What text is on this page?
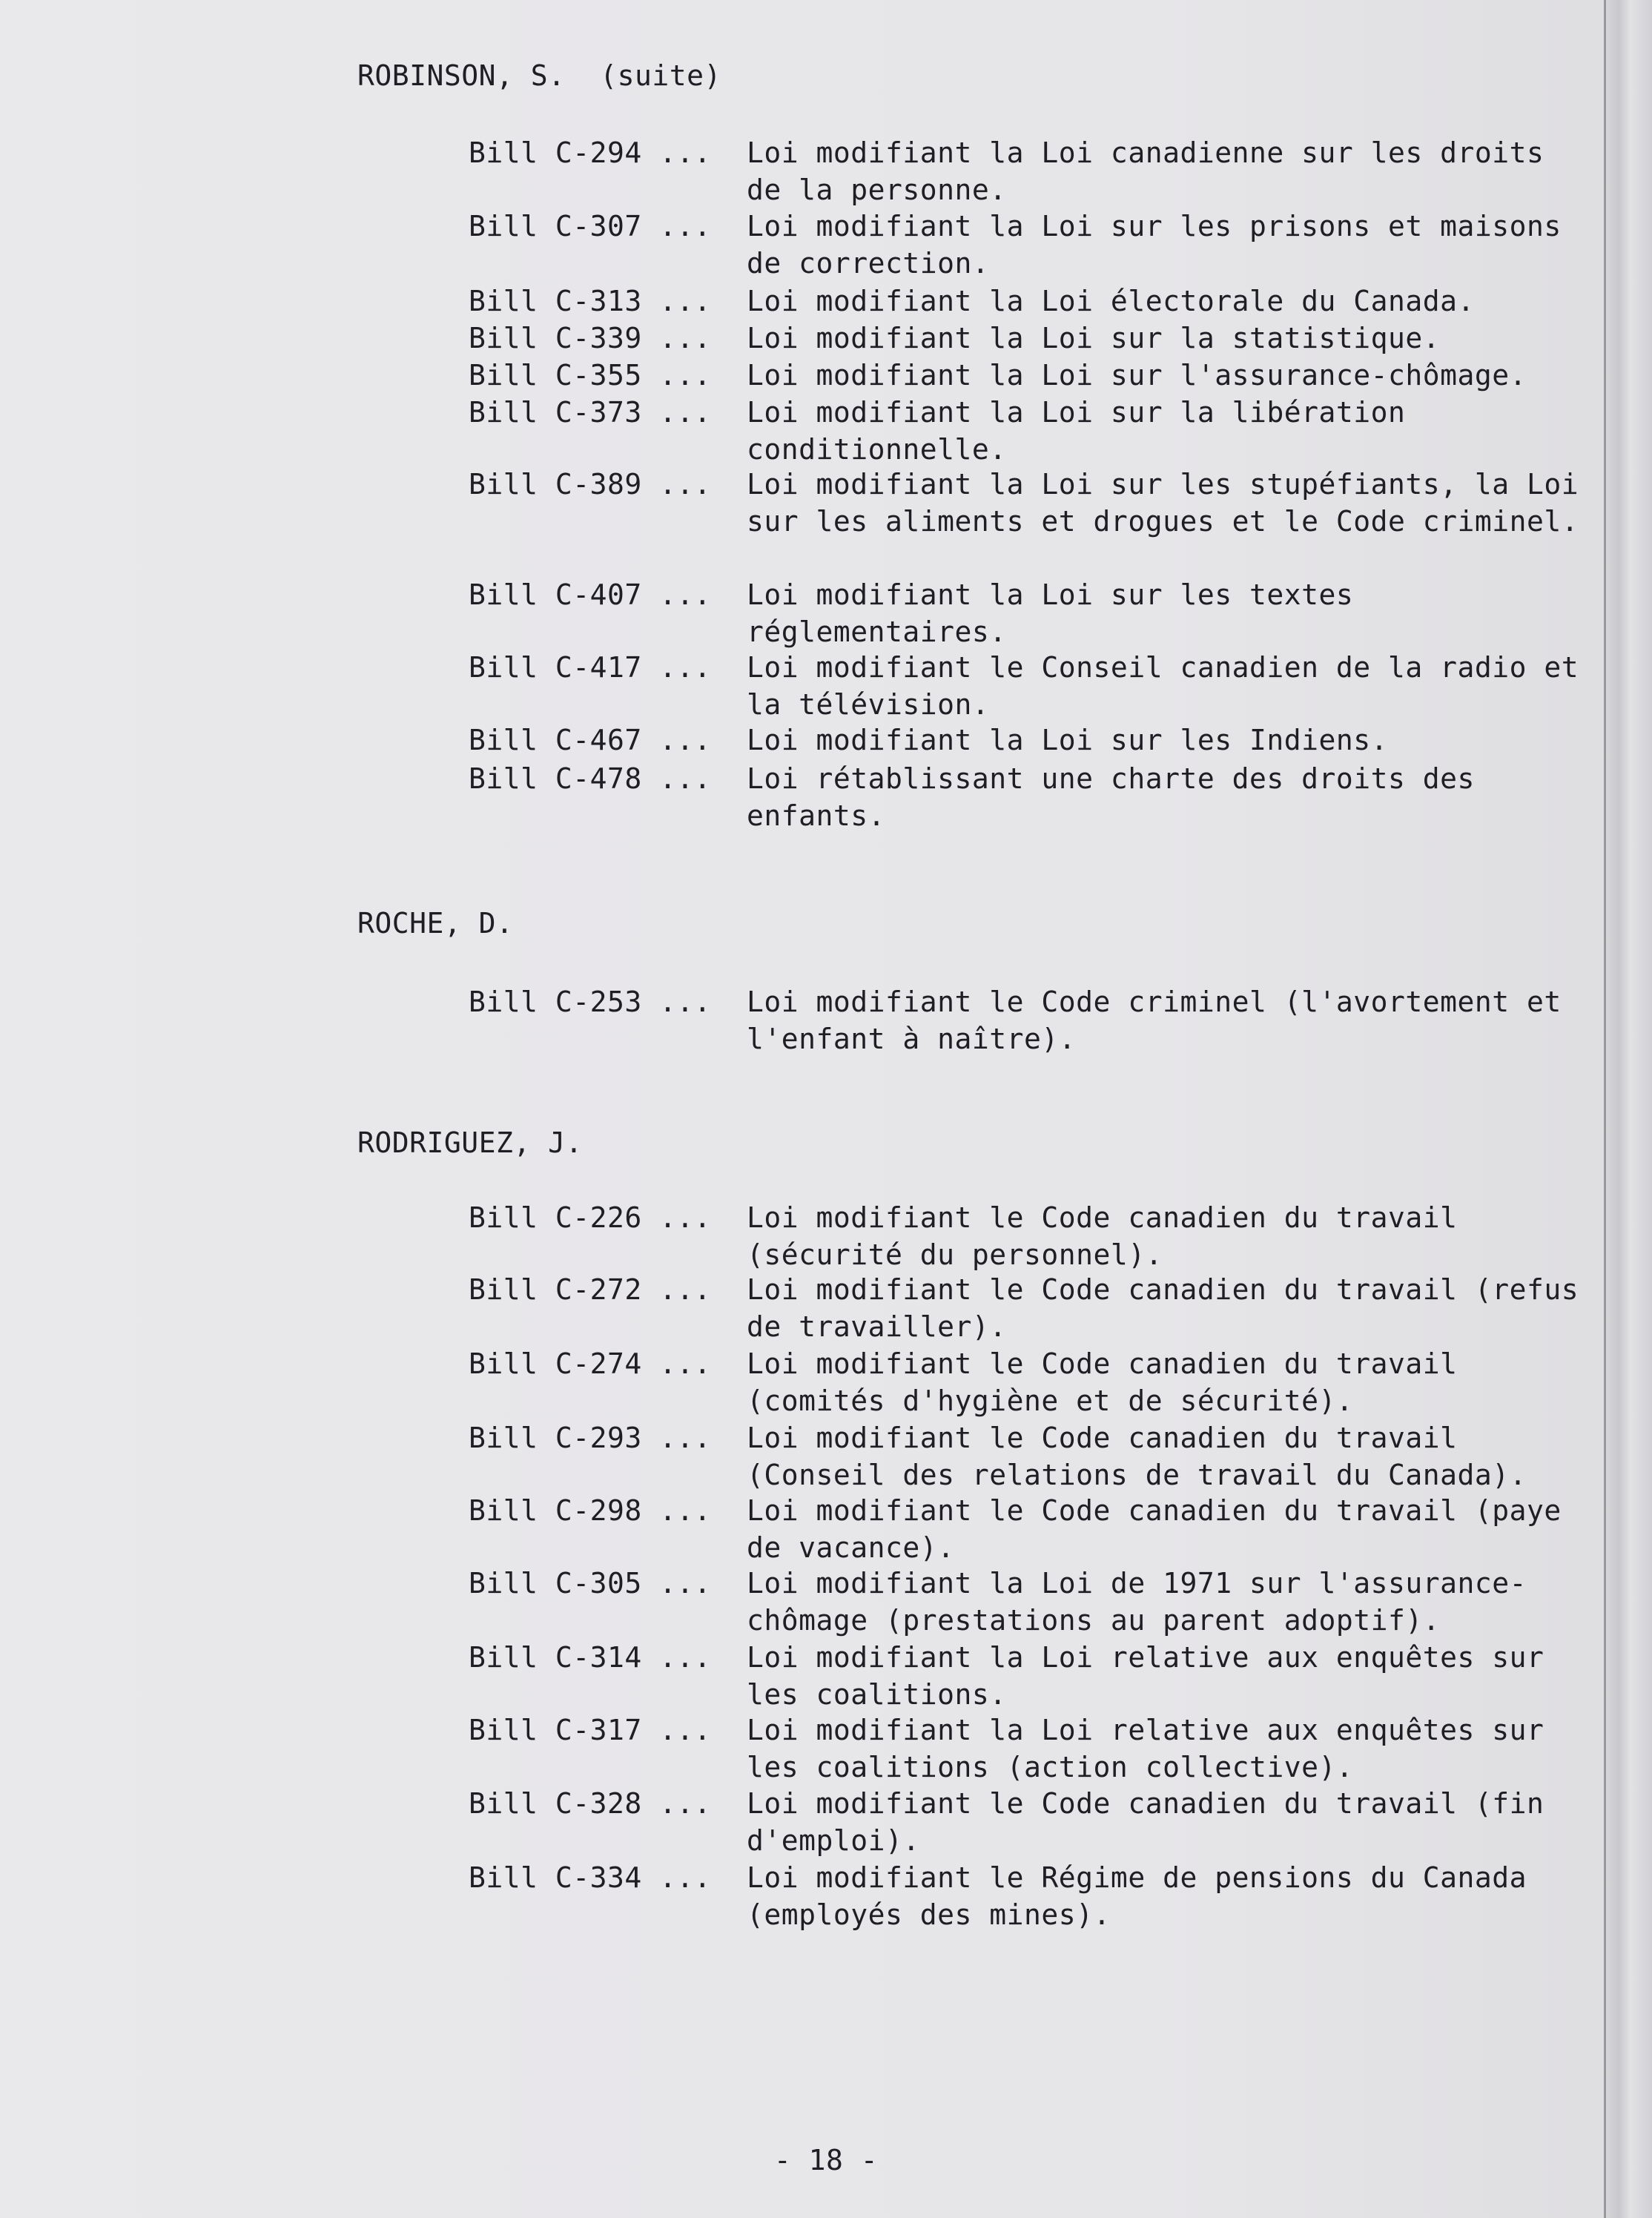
ROBINSON, S.  (suite)
Bill C-294 ...	Loi modifiant la Loi canadienne sur les droits de la personne.
Bill C-307 ...	Loi modifiant la Loi sur les prisons et maisons de correction.
Bill C-313 ...	Loi modifiant la Loi électorale du Canada.
Bill C-339 ...	Loi modifiant la Loi sur la statistique.
Bill C-355 ...	Loi modifiant la Loi sur l'assurance-chômage.
Bill C-373 ...	Loi modifiant la Loi sur la libération conditionnelle.
Bill C-389 ...	Loi modifiant la Loi sur les stupéfiants, la Loi sur les aliments et drogues et le Code criminel.
Bill C-407 ...	Loi modifiant la Loi sur les textes réglementaires.
Bill C-417 ...	Loi modifiant le Conseil canadien de la radio et la télévision.
Bill C-467 ...	Loi modifiant la Loi sur les Indiens.
Bill C-478 ...	Loi rétablissant une charte des droits des enfants.
ROCHE, D.
Bill C-253 ...	Loi modifiant le Code criminel (l'avortement et l'enfant à naître).
RODRIGUEZ, J.
Bill C-226 ...	Loi modifiant le Code canadien du travail (sécurité du personnel).
Bill C-272 ...	Loi modifiant le Code canadien du travail (refus de travailler).
Bill C-274 ...	Loi modifiant le Code canadien du travail (comités d'hygiène et de sécurité).
Bill C-293 ...	Loi modifiant le Code canadien du travail (Conseil des relations de travail du Canada).
Bill C-298 ...	Loi modifiant le Code canadien du travail (paye de vacance).
Bill C-305 ...	Loi modifiant la Loi de 1971 sur l'assurance-chômage (prestations au parent adoptif).
Bill C-314 ...	Loi modifiant la Loi relative aux enquêtes sur les coalitions.
Bill C-317 ...	Loi modifiant la Loi relative aux enquêtes sur les coalitions (action collective).
Bill C-328 ...	Loi modifiant le Code canadien du travail (fin d'emploi).
Bill C-334 ...	Loi modifiant le Régime de pensions du Canada (employés des mines).
- 18 -
